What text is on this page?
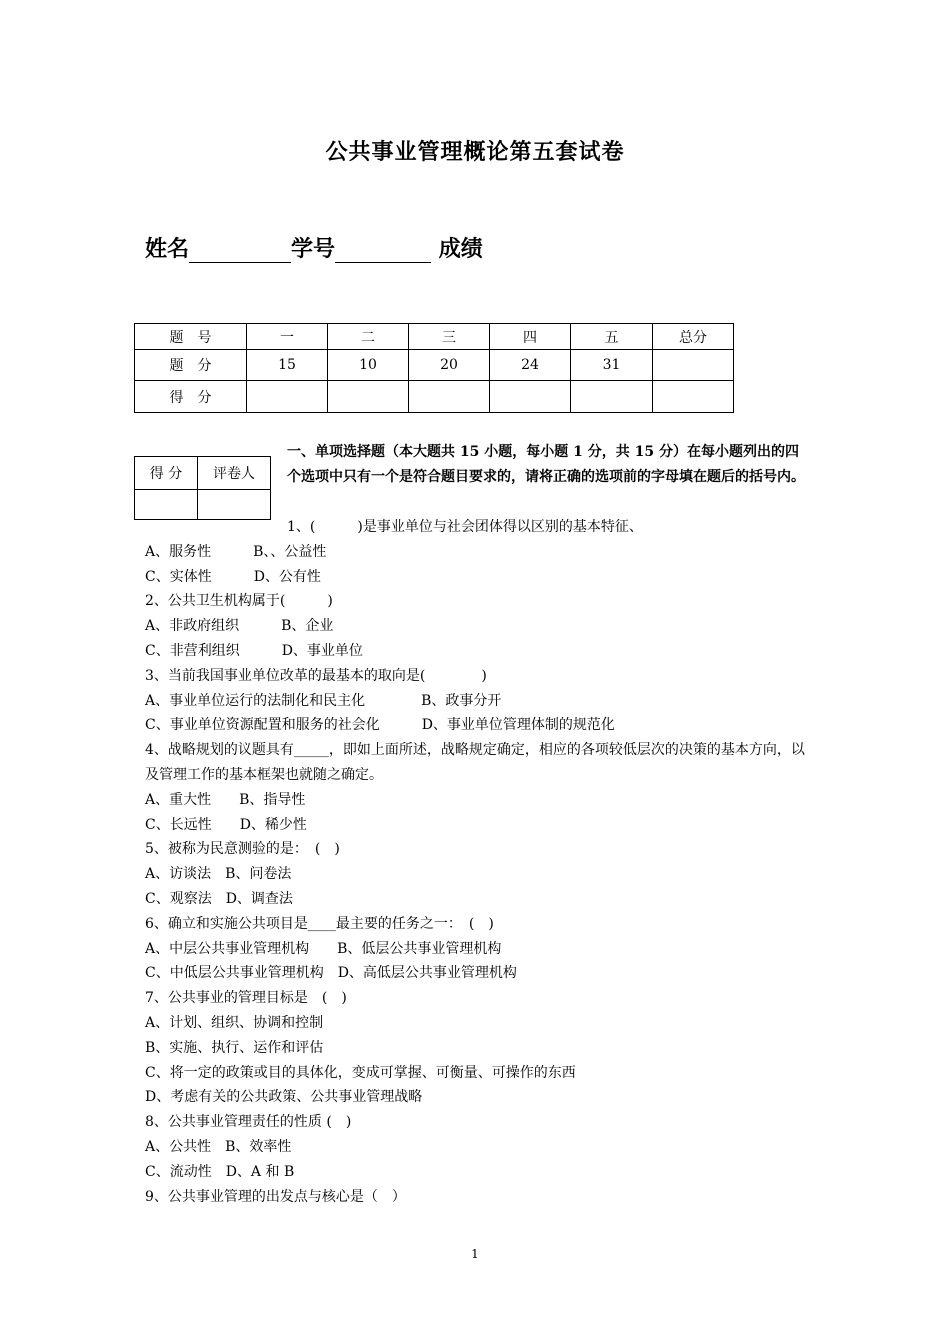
公共事业管理概论第五套试卷
姓名	学号	成绩
题　号	一	二	三	四	五	总分
题　分	15	10	20	24	31	
得　分						
得 分	评卷人

一、单项选择题（本大题共 15 小题，每小题 1 分，共 15 分）在每小题列出的四个选项中只有一个是符合题目要求的，请将正确的选项前的字母填在题后的括号内。
1、(　　　)是事业单位与社会团体得以区别的基本特征、
A、服务性　　　B、、公益性
C、实体性　　　D、公有性
2、公共卫生机构属于(　　　)
A、非政府组织　　　B、企业
C、非营利组织　　　D、事业单位
3、当前我国事业单位改革的最基本的取向是(　　　　)
A、事业单位运行的法制化和民主化　　　　B、政事分开
C、事业单位资源配置和服务的社会化　　　D、事业单位管理体制的规范化
4、战略规划的议题具有_____，即如上面所述，战略规定确定，相应的各项较低层次的决策的基本方向，以及管理工作的基本框架也就随之确定。
A、重大性　　B、指导性
C、长远性　　D、稀少性
5、被称为民意测验的是：　(　)
A、访谈法　B、问卷法
C、观察法　D、调查法
6、确立和实施公共项目是____最主要的任务之一：　(　)
A、中层公共事业管理机构　　B、低层公共事业管理机构
C、中低层公共事业管理机构　D、高低层公共事业管理机构
7、公共事业的管理目标是　(　)
A、计划、组织、协调和控制
B、实施、执行、运作和评估
C、将一定的政策或目的具体化，变成可掌握、可衡量、可操作的东西
D、考虑有关的公共政策、公共事业管理战略
8、公共事业管理责任的性质 (　)
A、公共性　B、效率性
C、流动性　D、A 和 B
9、公共事业管理的出发点与核心是（　）
1
